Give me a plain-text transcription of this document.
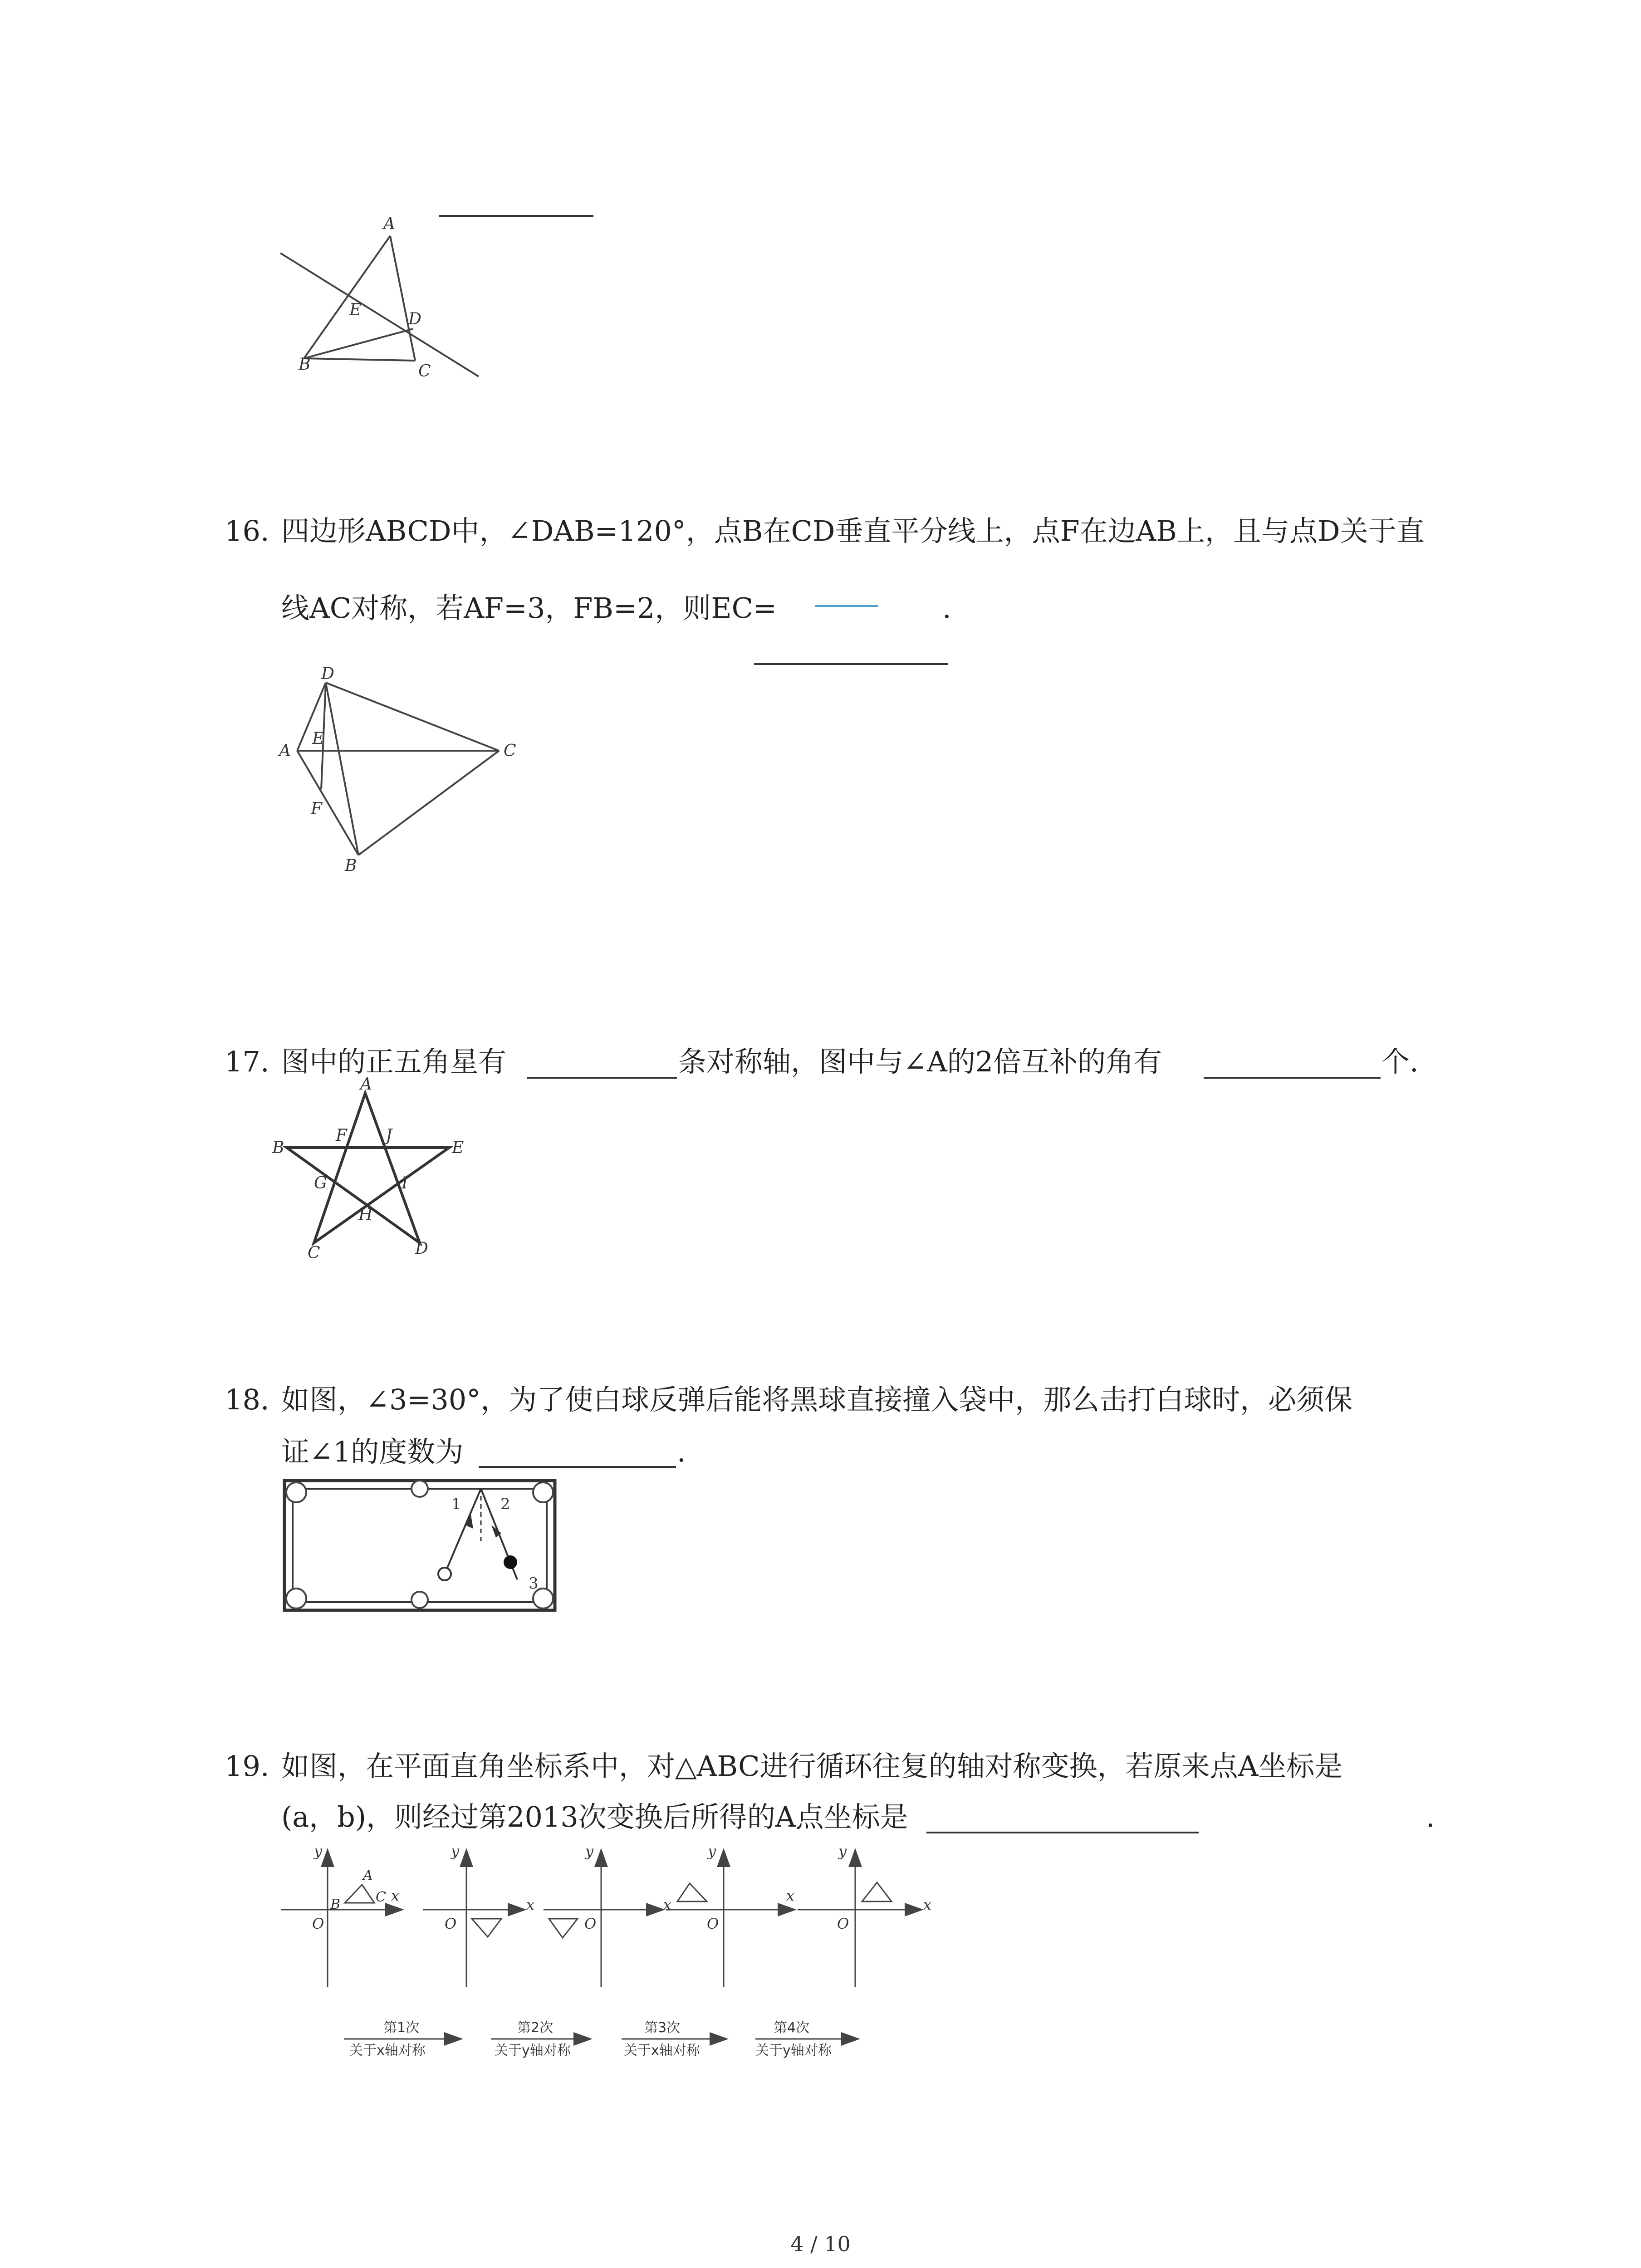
A
E	D
B	C
16. 四边形ABCD中，∠DAB=120°，点B在CD垂直平分线上，点F在边AB上，且与点D关于直
线AC对称，若AF=3，FB=2，则EC=	.
D
A
E
C
F
B
17. 图中的正五角星有	条对称轴，图中与∠A的2倍互补的角有	个.
A
B
F J
E
G	I
H
C	D
18. 如图，∠3=30°，为了使白球反弹后能将黑球直接撞入袋中，那么击打白球时，必须保
证∠1的度数为	.
1	2
3
19. 如图，在平面直角坐标系中，对△ABC进行循环往复的轴对称变换，若原来点A坐标是
(a，b)，则经过第2013次变换后所得的A点坐标是	.
y
x
O
A
B	C
y
x
O
y
x
O
y
x
O
y
x
O
第1次
关于x轴对称
第2次
关于y轴对称
第3次
关于x轴对称
第4次
关于y轴对称
4 / 10
